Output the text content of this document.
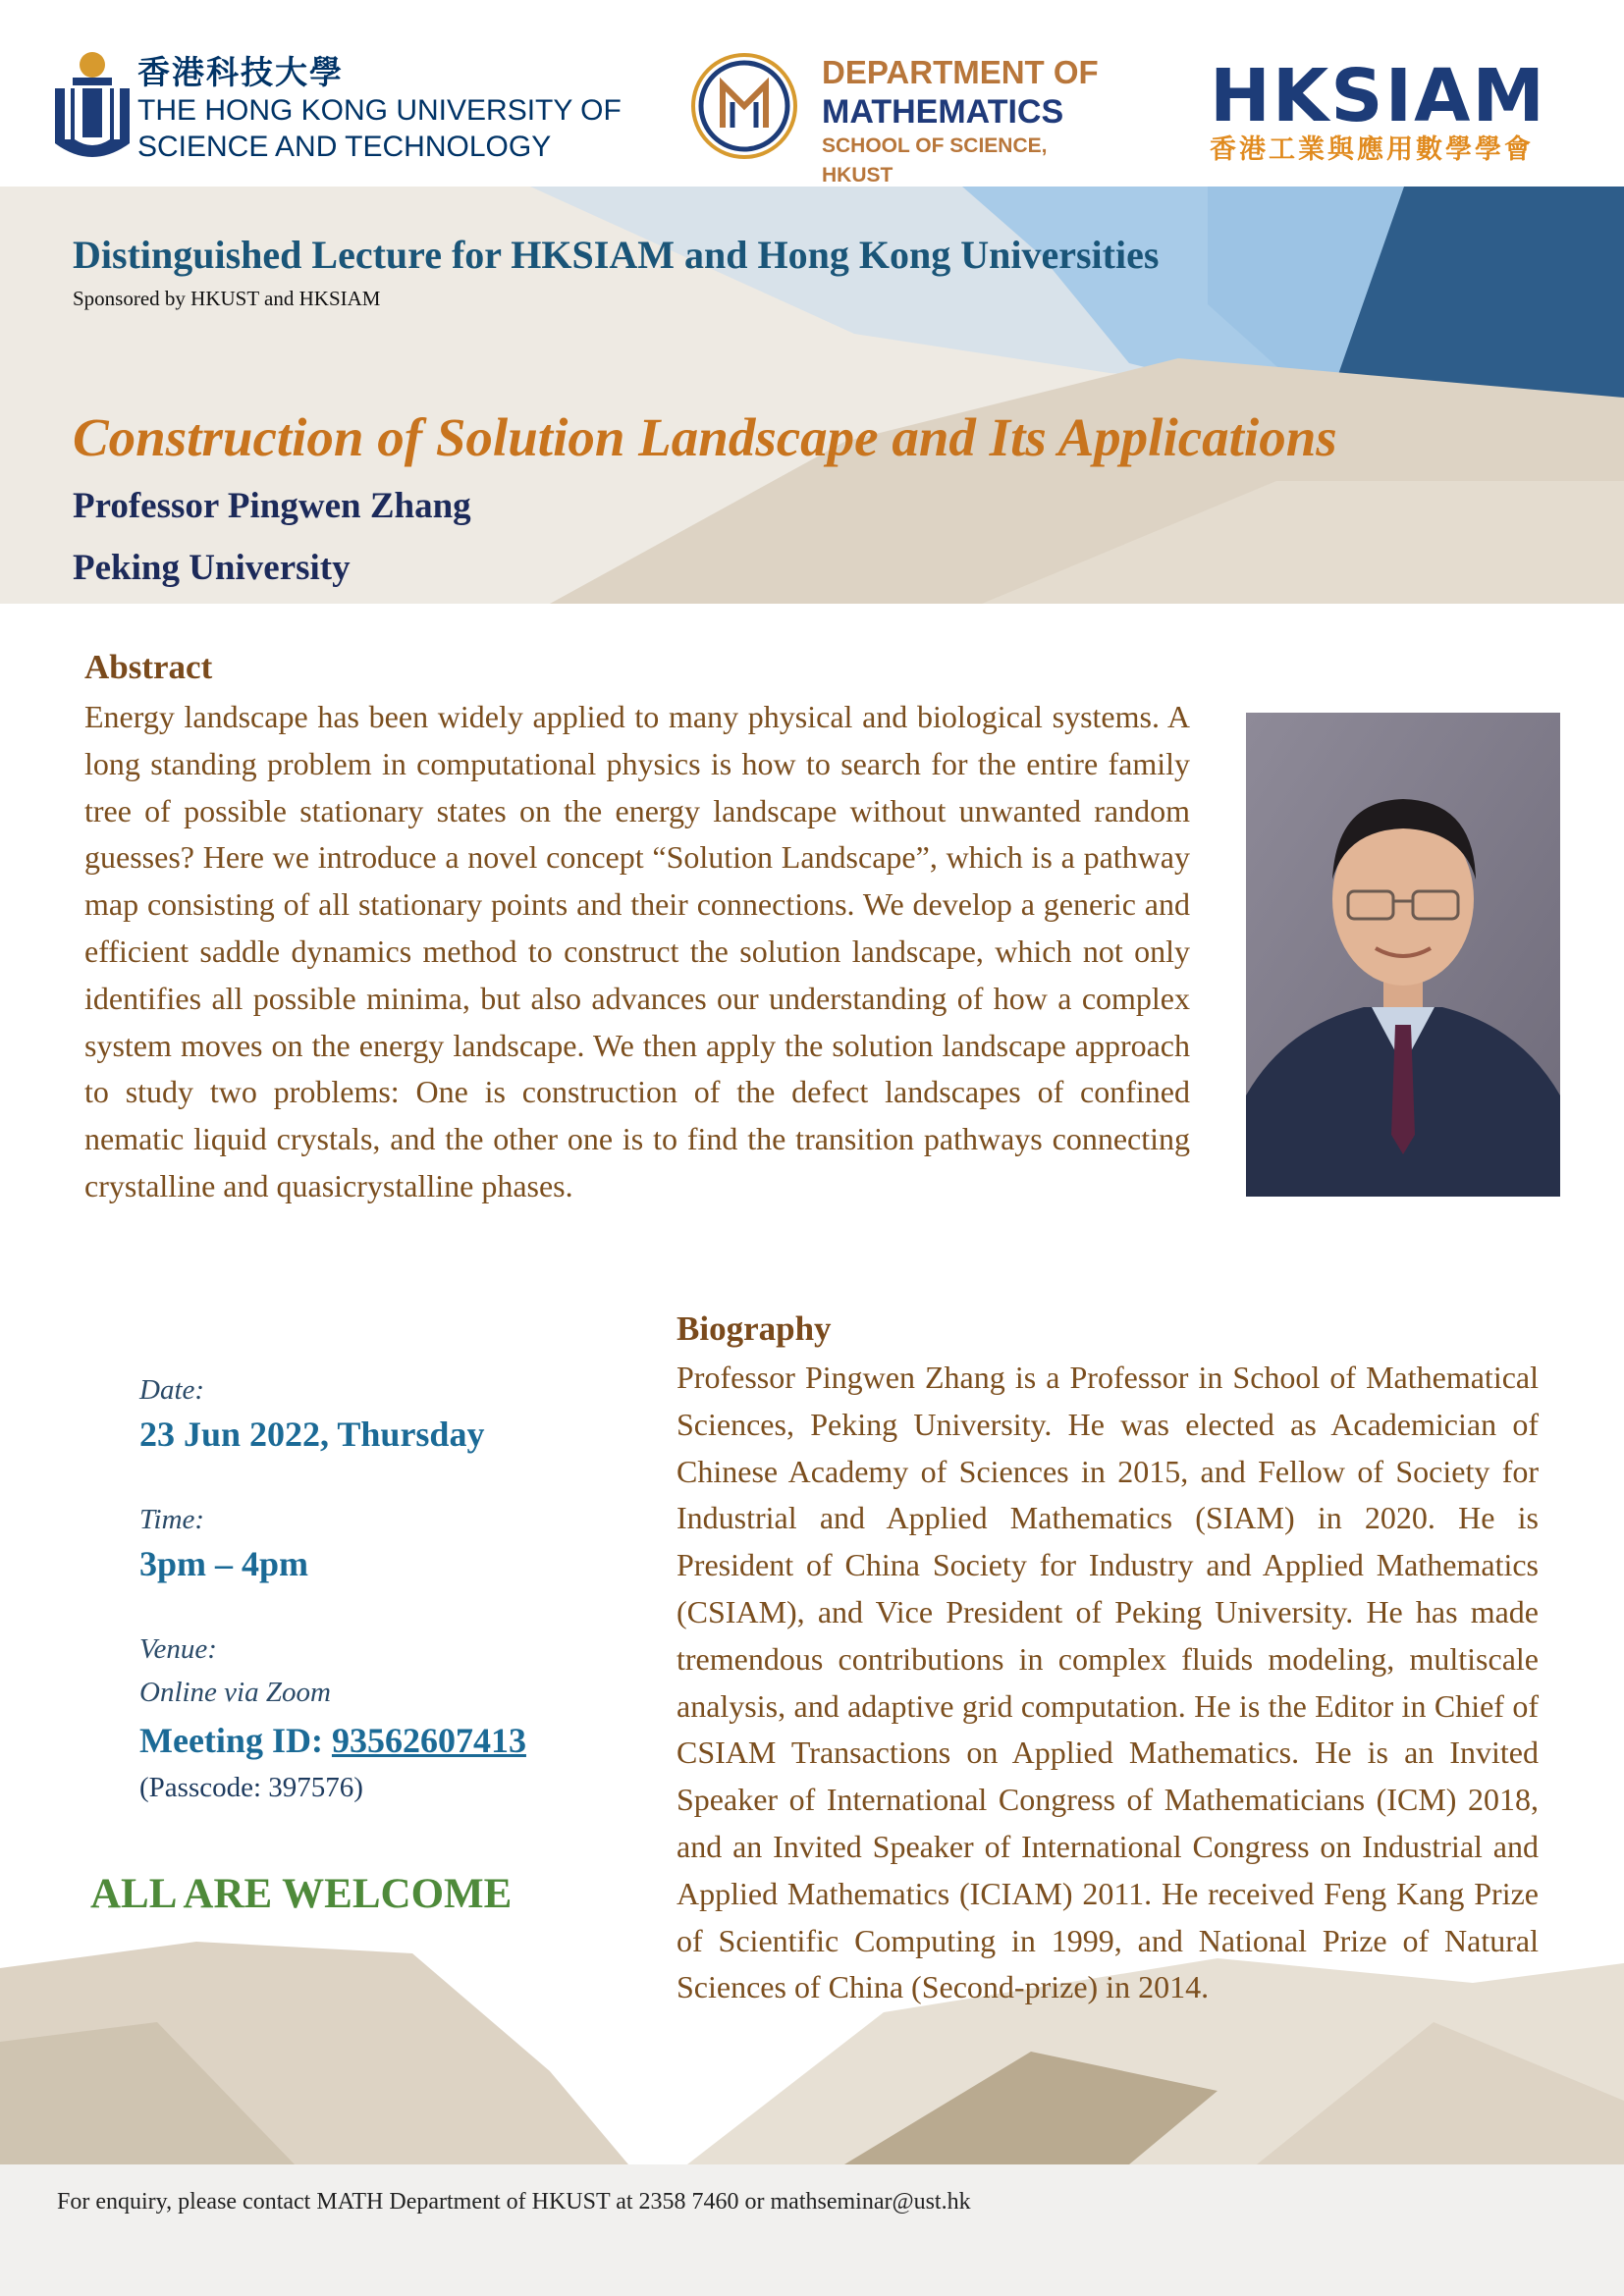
香港科技大學
THE HONG KONG UNIVERSITY OF
SCIENCE AND TECHNOLOGY
DEPARTMENT OF
MATHEMATICS
SCHOOL OF SCIENCE, HKUST
HKSIAM
香港工業與應用數學學會
Distinguished Lecture for HKSIAM and Hong Kong Universities
Sponsored by HKUST and HKSIAM
Construction of Solution Landscape and Its Applications
Professor Pingwen Zhang
Peking University
Abstract
Energy landscape has been widely applied to many physical and biological systems. A long standing problem in computational physics is how to search for the entire family tree of possible stationary states on the energy landscape without unwanted random guesses? Here we introduce a novel concept “Solution Landscape”, which is a pathway map consisting of all stationary points and their connections. We develop a generic and efficient saddle dynamics method to construct the solution landscape, which not only identifies all possible minima, but also advances our understanding of how a complex system moves on the energy landscape. We then apply the solution landscape approach to study two problems: One is construction of the defect landscapes of confined nematic liquid crystals, and the other one is to find the transition pathways connecting crystalline and quasicrystalline phases.
Date:
23 Jun 2022, Thursday
Time:
3pm – 4pm
Venue:
Online via Zoom
Meeting ID: 93562607413
(Passcode: 397576)
ALL ARE WELCOME
Biography
Professor Pingwen Zhang is a Professor in School of Mathematical Sciences, Peking University. He was elected as Academician of Chinese Academy of Sciences in 2015, and Fellow of Society for Industrial and Applied Mathematics (SIAM) in 2020. He is President of China Society for Industry and Applied Mathematics (CSIAM), and Vice President of Peking University. He has made tremendous contributions in complex fluids modeling, multiscale analysis, and adaptive grid computation. He is the Editor in Chief of CSIAM Transactions on Applied Mathematics. He is an Invited Speaker of International Congress of Mathematicians (ICM) 2018, and an Invited Speaker of International Congress on Industrial and Applied Mathematics (ICIAM) 2011. He received Feng Kang Prize of Scientific Computing in 1999, and National Prize of Natural Sciences of China (Second-prize) in 2014.
For enquiry, please contact MATH Department of HKUST at 2358 7460 or mathseminar@ust.hk
